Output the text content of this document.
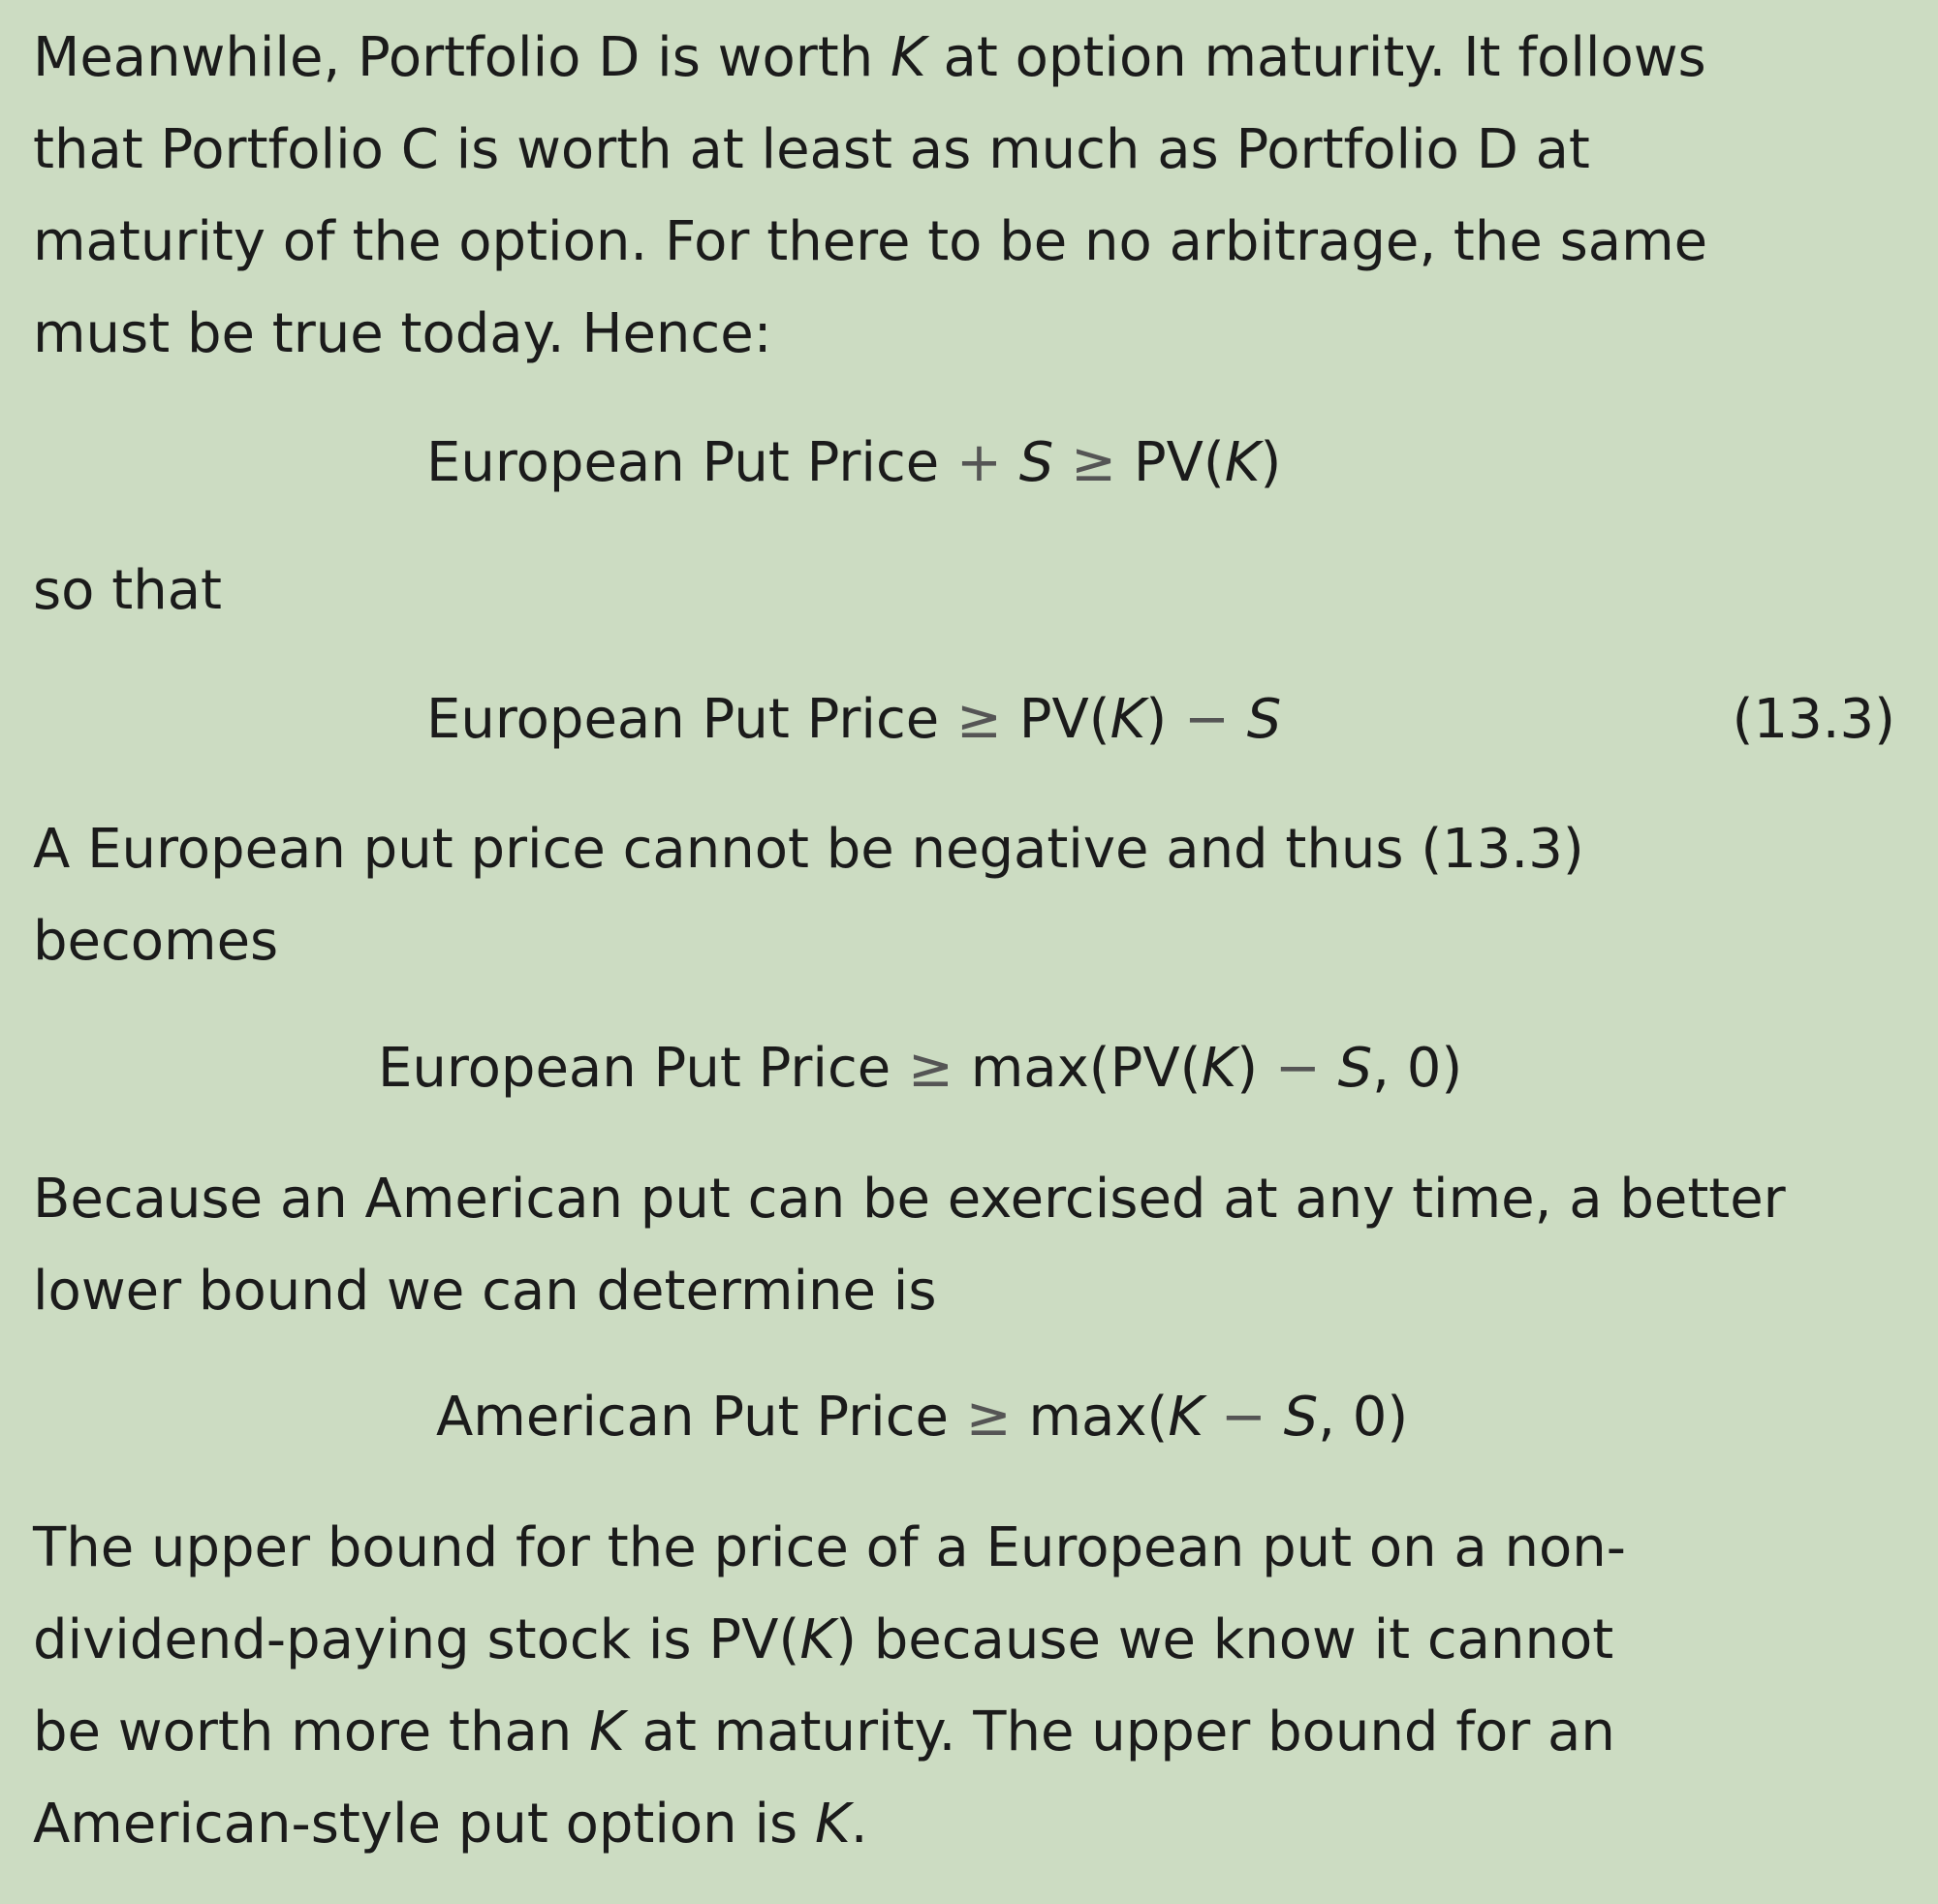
Meanwhile, Portfolio D is worth K at option maturity. It follows
that Portfolio C is worth at least as much as Portfolio D at
maturity of the option. For there to be no arbitrage, the same
must be true today. Hence:
European Put Price + S ≥ PV(K)
so that
European Put Price ≥ PV(K) − S	(13.3)
A European put price cannot be negative and thus (13.3)
becomes
European Put Price ≥ max(PV(K) − S, 0)
Because an American put can be exercised at any time, a better
lower bound we can determine is
American Put Price ≥ max(K − S, 0)
The upper bound for the price of a European put on a non-
dividend-paying stock is PV(K) because we know it cannot
be worth more than K at maturity. The upper bound for an
American-style put option is K.
